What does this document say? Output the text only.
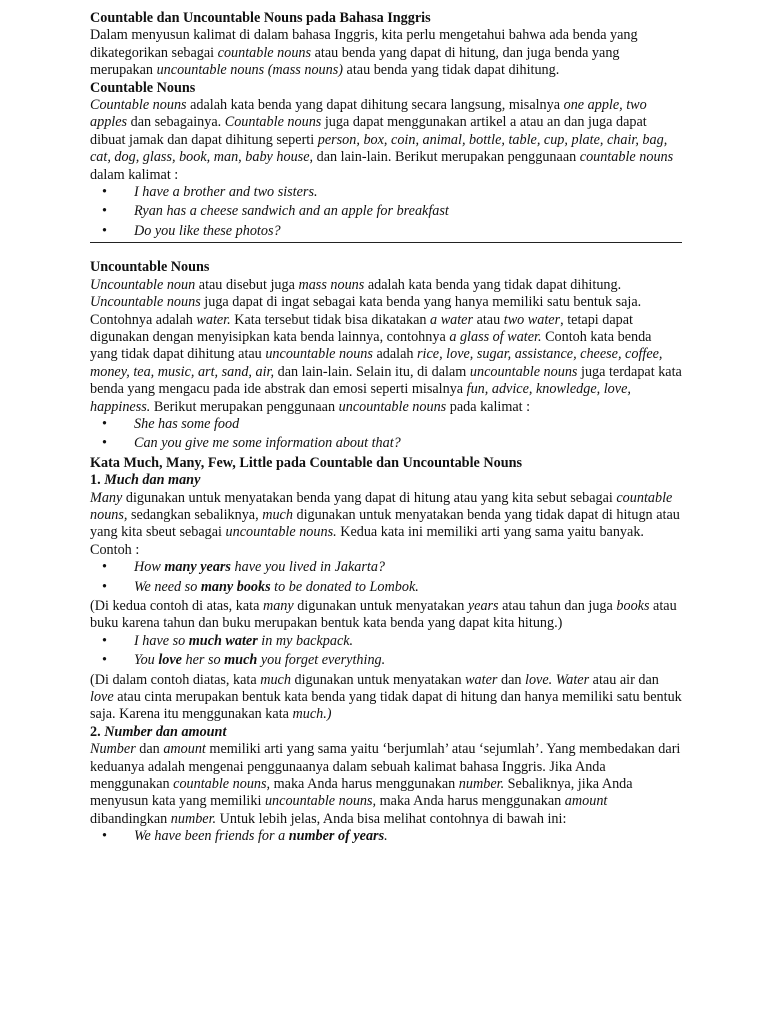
Countable dan Uncountable Nouns pada Bahasa Inggris

Dalam menyusun kalimat di dalam bahasa Inggris, kita perlu mengetahui bahwa ada benda yang dikategorikan sebagai countable nouns atau benda yang dapat di hitung, dan juga benda yang merupakan uncountable nouns (mass nouns) atau benda yang tidak dapat dihitung.

Countable Nouns

Countable nouns adalah kata benda yang dapat dihitung secara langsung, misalnya one apple, two apples dan sebagainya. Countable nouns juga dapat menggunakan artikel a atau an dan juga dapat dibuat jamak dan dapat dihitung seperti person, box, coin, animal, bottle, table, cup, plate, chair, bag, cat, dog, glass, book, man, baby house, dan lain-lain. Berikut merupakan penggunaan countable nouns dalam kalimat :

• I have a brother and two sisters.
• Ryan has a cheese sandwich and an apple for breakfast
• Do you like these photos?

Uncountable Nouns

Uncountable noun atau disebut juga mass nouns adalah kata benda yang tidak dapat dihitung. Uncountable nouns juga dapat di ingat sebagai kata benda yang hanya memiliki satu bentuk saja. Contohnya adalah water. Kata tersebut tidak bisa dikatakan a water atau two water, tetapi dapat digunakan dengan menyisipkan kata benda lainnya, contohnya a glass of water. Contoh kata benda yang tidak dapat dihitung atau uncountable nouns adalah rice, love, sugar, assistance, cheese, coffee, money, tea, music, art, sand, air, dan lain-lain. Selain itu, di dalam uncountable nouns juga terdapat kata benda yang mengacu pada ide abstrak dan emosi seperti misalnya fun, advice, knowledge, love, happiness. Berikut merupakan penggunaan uncountable nouns pada kalimat :

• She has some food
• Can you give me some information about that?

Kata Much, Many, Few, Little pada Countable dan Uncountable Nouns

1. Much dan many

Many digunakan untuk menyatakan benda yang dapat di hitung atau yang kita sebut sebagai countable nouns, sedangkan sebaliknya, much digunakan untuk menyatakan benda yang tidak dapat di hitugn atau yang kita sbeut sebagai uncountable nouns. Kedua kata ini memiliki arti yang sama yaitu banyak. Contoh :

• How many years have you lived in Jakarta?
• We need so many books to be donated to Lombok.

(Di kedua contoh di atas, kata many digunakan untuk menyatakan years atau tahun dan juga books atau buku karena tahun dan buku merupakan bentuk kata benda yang dapat kita hitung.)

• I have so much water in my backpack.
• You love her so much you forget everything.

(Di dalam contoh diatas, kata much digunakan untuk menyatakan water dan love. Water atau air dan love atau cinta merupakan bentuk kata benda yang tidak dapat di hitung dan hanya memiliki satu bentuk saja. Karena itu menggunakan kata much.)

2. Number dan amount

Number dan amount memiliki arti yang sama yaitu ‘berjumlah’ atau ‘sejumlah’. Yang membedakan dari keduanya adalah mengenai penggunaanya dalam sebuah kalimat bahasa Inggris. Jika Anda menggunakan countable nouns, maka Anda harus menggunakan number. Sebaliknya, jika Anda menyusun kata yang memiliki uncountable nouns, maka Anda harus menggunakan amount dibandingkan number. Untuk lebih jelas, Anda bisa melihat contohnya di bawah ini:

• We have been friends for a number of years.
